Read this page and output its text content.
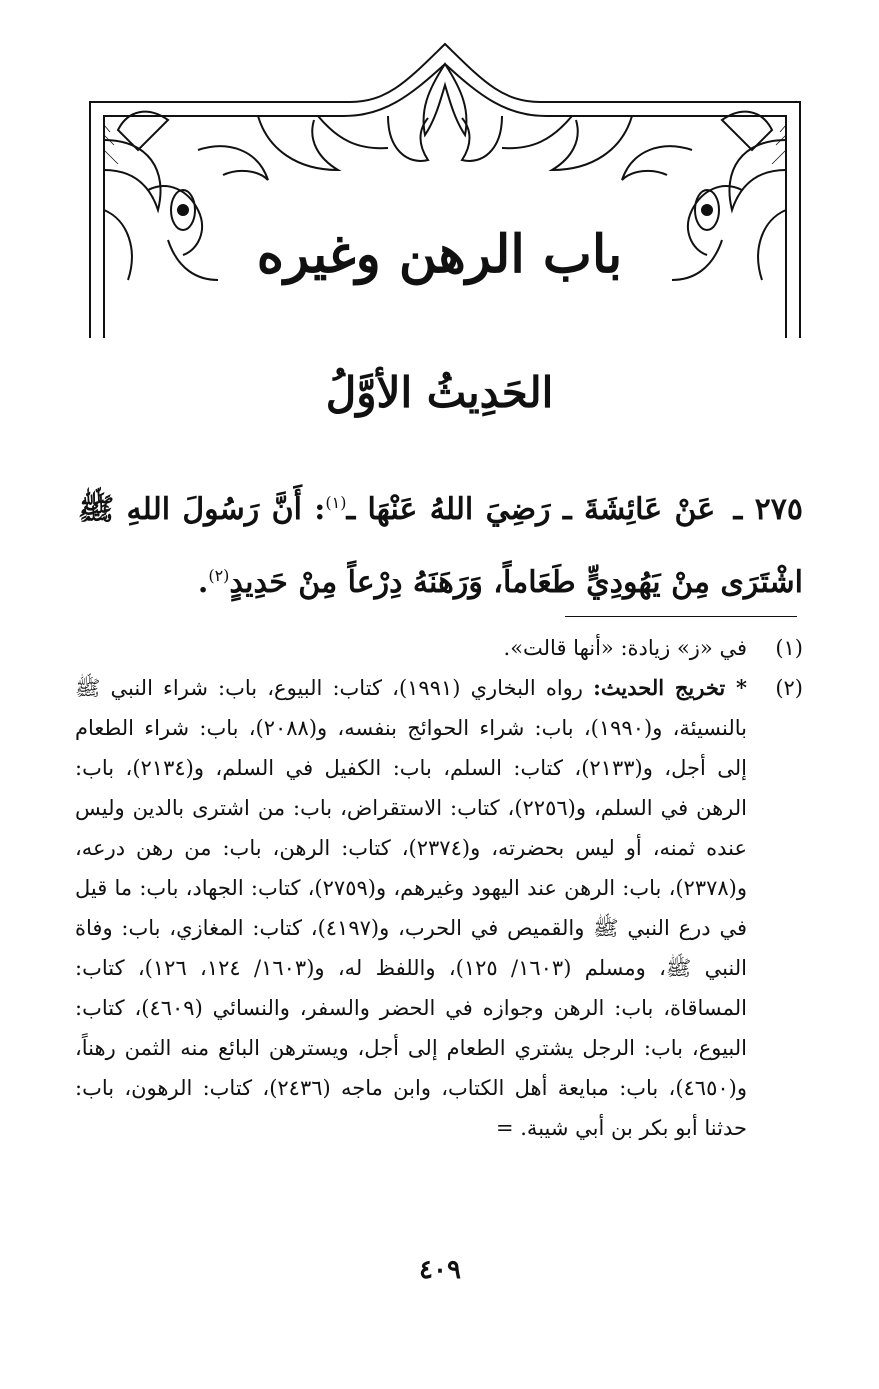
باب الرهن وغيره
الحَدِيثُ الأوَّلُ
٢٧٥ ـ عَنْ عَائِشَةَ ـ رَضِيَ اللهُ عَنْهَا ـ$^{(١)}$: أَنَّ رَسُولَ اللهِ ﷺ اشْتَرَى مِنْ يَهُودِيٍّ طَعَاماً، وَرَهَنَهُ دِرْعاً مِنْ حَدِيدٍ$^{(٢)}$.
(١)
في «ز» زيادة: «أنها قالت».
(٢)
* تخريج الحديث: رواه البخاري (١٩٩١)، كتاب: البيوع، باب: شراء النبي ﷺ بالنسيئة، و(١٩٩٠)، باب: شراء الحوائج بنفسه، و(٢٠٨٨)، باب: شراء الطعام إلى أجل، و(٢١٣٣)، كتاب: السلم، باب: الكفيل في السلم، و(٢١٣٤)، باب: الرهن في السلم، و(٢٢٥٦)، كتاب: الاستقراض، باب: من اشترى بالدين وليس عنده ثمنه، أو ليس بحضرته، و(٢٣٧٤)، كتاب: الرهن، باب: من رهن درعه، و(٢٣٧٨)، باب: الرهن عند اليهود وغيرهم، و(٢٧٥٩)، كتاب: الجهاد، باب: ما قيل في درع النبي ﷺ والقميص في الحرب، و(٤١٩٧)، كتاب: المغازي، باب: وفاة النبي ﷺ، ومسلم (١٦٠٣/ ١٢٥)، واللفظ له، و(١٦٠٣/ ١٢٤، ١٢٦)، كتاب: المساقاة، باب: الرهن وجوازه في الحضر والسفر، والنسائي (٤٦٠٩)، كتاب: البيوع، باب: الرجل يشتري الطعام إلى أجل، ويسترهن البائع منه الثمن رهناً، و(٤٦٥٠)، باب: مبايعة أهل الكتاب، وابن ماجه (٢٤٣٦)، كتاب: الرهون، باب: حدثنا أبو بكر بن أبي شيبة. =
٤٠٩
